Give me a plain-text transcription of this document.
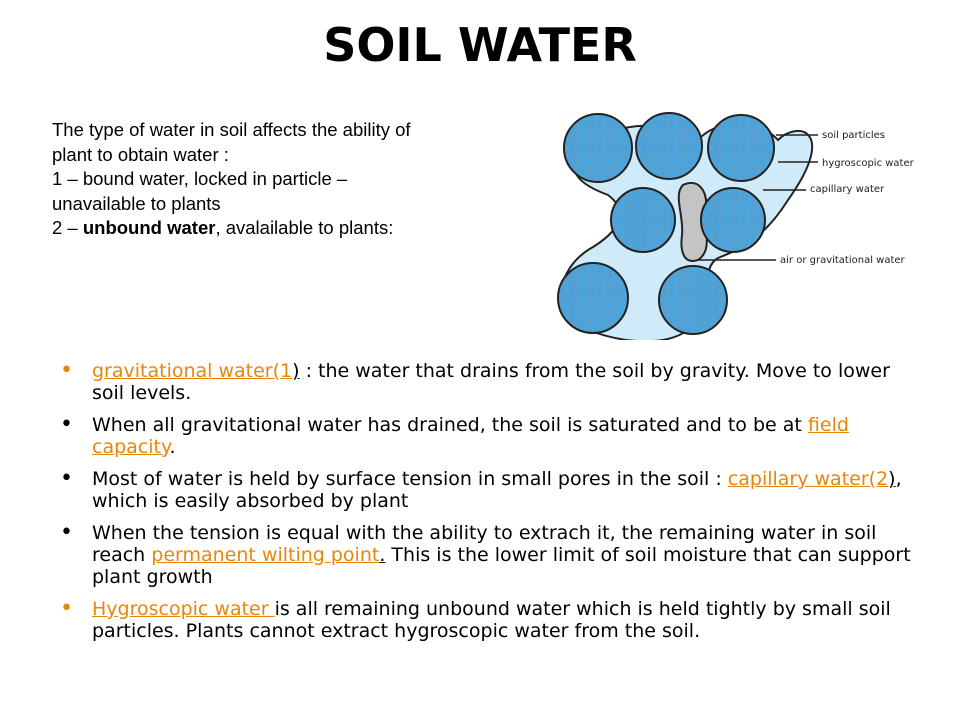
SOIL WATER
The type of water in soil affects the ability of
plant to obtain water :
1 – bound water, locked in particle –
unavailable to plants
2 – unbound water, avalailable to plants:
soil particles
hygroscopic water
capillary water
air or gravitational water
• gravitational water(1) : the water that drains from the soil by gravity. Move to lower soil levels.
• When all gravitational water has drained, the soil is saturated and to be at field capacity.
• Most of water is held by surface tension in small pores in the soil : capillary water(2), which is easily absorbed by plant
• When the tension is equal with the ability to extrach it, the remaining water in soil reach permanent wilting point. This is the lower limit of soil moisture that can support plant growth
• Hygroscopic water is all remaining unbound water which is held tightly by small soil particles. Plants cannot extract hygroscopic water from the soil.
